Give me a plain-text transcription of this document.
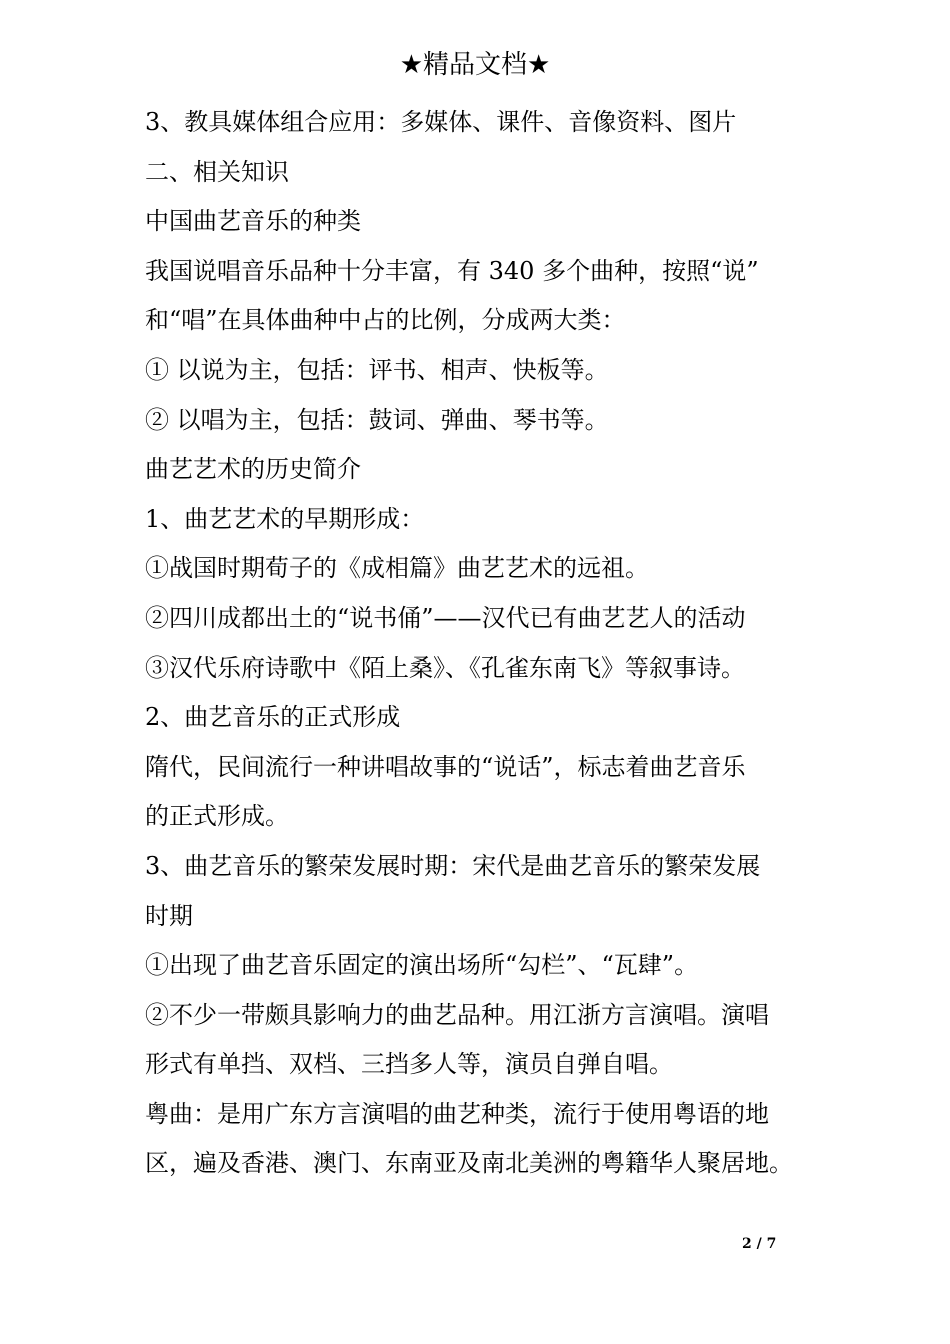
★精品文档★
3、教具媒体组合应用：多媒体、课件、音像资料、图片
二、相关知识
中国曲艺音乐的种类
我国说唱音乐品种十分丰富，有 340 多个曲种，按照“说”
和“唱”在具体曲种中占的比例，分成两大类：
① 以说为主，包括：评书、相声、快板等。
② 以唱为主，包括：鼓词、弹曲、琴书等。
曲艺艺术的历史简介
1、曲艺艺术的早期形成：
①战国时期荀子的《成相篇》曲艺艺术的远祖。
②四川成都出土的“说书俑”——汉代已有曲艺艺人的活动
③汉代乐府诗歌中《陌上桑》、《孔雀东南飞》等叙事诗。
2、曲艺音乐的正式形成
隋代，民间流行一种讲唱故事的“说话”，标志着曲艺音乐
的正式形成。
3、曲艺音乐的繁荣发展时期：宋代是曲艺音乐的繁荣发展
时期
①出现了曲艺音乐固定的演出场所“勾栏”、“瓦肆”。
②不少一带颇具影响力的曲艺品种。用江浙方言演唱。演唱
形式有单挡、双档、三挡多人等，演员自弹自唱。
粤曲：是用广东方言演唱的曲艺种类，流行于使用粤语的地
区，遍及香港、澳门、东南亚及南北美洲的粤籍华人聚居地。
2 / 7
